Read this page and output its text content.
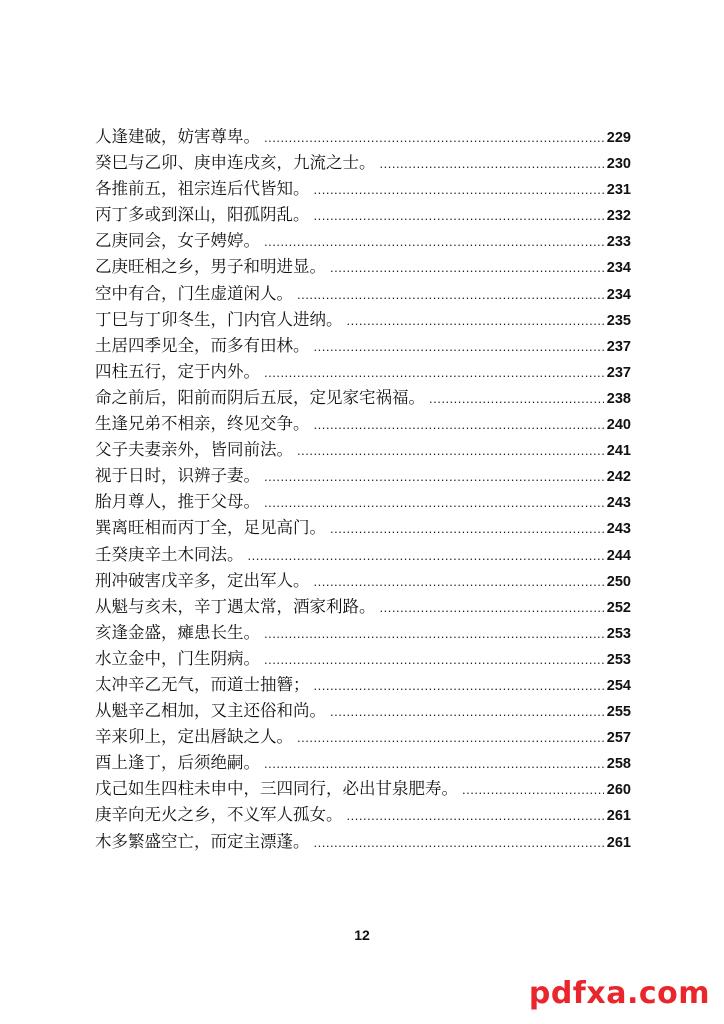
人逢建破，妨害尊卑。 .....	229
癸巳与乙卯、庚申连戌亥，九流之士。 .....	230
各推前五，祖宗连后代皆知。 .....	231
丙丁多或到深山，阳孤阴乱。 .....	232
乙庚同会，女子娉婷。 .....	233
乙庚旺相之乡，男子和明进显。 .....	234
空中有合，门生虚道闲人。 .....	234
丁巳与丁卯冬生，门内官人进纳。 .....	235
土居四季见全，而多有田林。 .....	237
四柱五行，定于内外。 .....	237
命之前后，阳前而阴后五辰，定见家宅祸福。 .....	238
生逢兄弟不相亲，终见交争。 .....	240
父子夫妻亲外，皆同前法。 .....	241
视于日时，识辨子妻。 .....	242
胎月尊人，推于父母。 .....	243
巽离旺相而丙丁全，足见高门。 .....	243
壬癸庚辛土木同法。 .....	244
刑冲破害戊辛多，定出军人。 .....	250
从魁与亥未，辛丁遇太常，酒家利路。 .....	252
亥逢金盛，瘫患长生。 .....	253
水立金中，门生阴病。 .....	253
太冲辛乙无气，而道士抽簪； .....	254
从魁辛乙相加，又主还俗和尚。 .....	255
辛来卯上，定出唇缺之人。 .....	257
酉上逢丁，后须绝嗣。 .....	258
戊己如生四柱未申中，三四同行，必出甘泉肥寿。 .....	260
庚辛向无火之乡，不义军人孤女。 .....	261
木多繁盛空亡，而定主漂蓬。 .....	261
12
pdfxa.com
